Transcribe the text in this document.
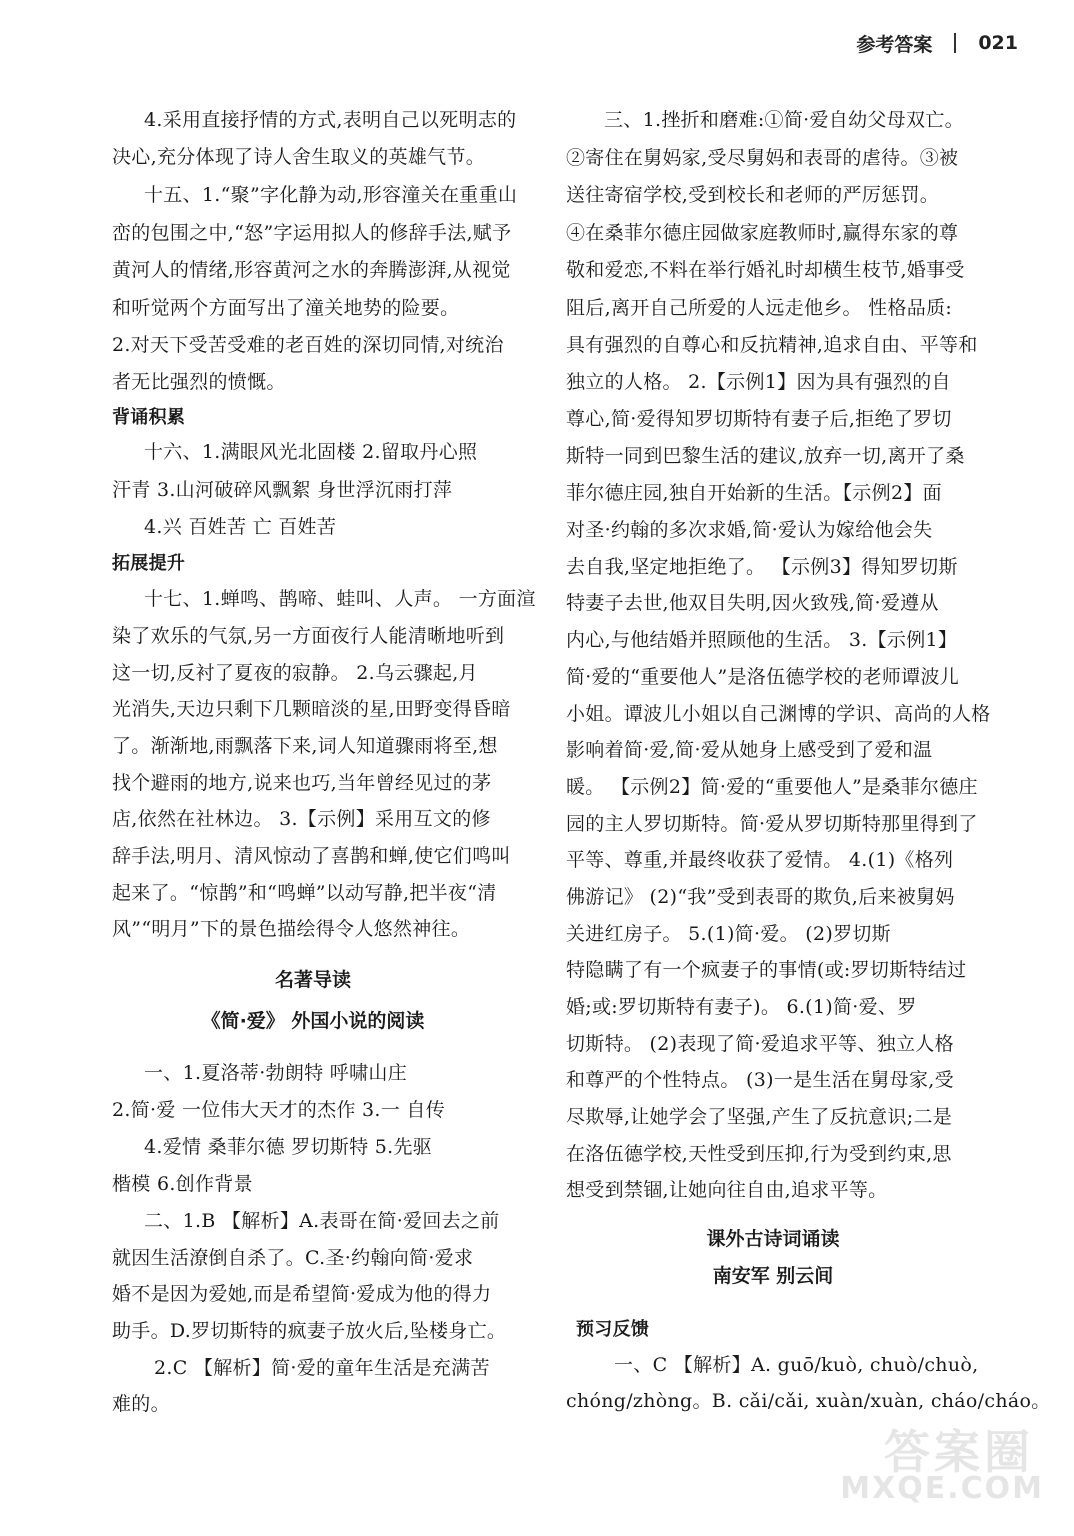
参考答案 021
4.采用直接抒情的方式,表明自己以死明志的
决心,充分体现了诗人舍生取义的英雄气节。
十五、1.“聚”字化静为动,形容潼关在重重山
峦的包围之中,“怒”字运用拟人的修辞手法,赋予
黄河人的情绪,形容黄河之水的奔腾澎湃,从视觉
和听觉两个方面写出了潼关地势的险要。
2.对天下受苦受难的老百姓的深切同情,对统治
者无比强烈的愤慨。
背诵积累
十六、1.满眼风光北固楼 2.留取丹心照
汗青 3.山河破碎风飘絮 身世浮沉雨打萍
4.兴 百姓苦 亡 百姓苦
拓展提升
十七、1.蝉鸣、鹊啼、蛙叫、人声。 一方面渲
染了欢乐的气氛,另一方面夜行人能清晰地听到
这一切,反衬了夏夜的寂静。 2.乌云骤起,月
光消失,天边只剩下几颗暗淡的星,田野变得昏暗
了。渐渐地,雨飘落下来,词人知道骤雨将至,想
找个避雨的地方,说来也巧,当年曾经见过的茅
店,依然在社林边。 3.【示例】采用互文的修
辞手法,明月、清风惊动了喜鹊和蝉,使它们鸣叫
起来了。“惊鹊”和“鸣蝉”以动写静,把半夜“清
风”“明月”下的景色描绘得令人悠然神往。
名著导读
《简·爱》 外国小说的阅读
一、1.夏洛蒂·勃朗特 呼啸山庄
2.简·爱 一位伟大天才的杰作 3.一 自传
4.爱情 桑菲尔德 罗切斯特 5.先驱
楷模 6.创作背景
二、1.B 【解析】A.表哥在简·爱回去之前
就因生活潦倒自杀了。C.圣·约翰向简·爱求
婚不是因为爱她,而是希望简·爱成为他的得力
助手。D.罗切斯特的疯妻子放火后,坠楼身亡。
2.C 【解析】简·爱的童年生活是充满苦
难的。
三、1.挫折和磨难:①简·爱自幼父母双亡。
②寄住在舅妈家,受尽舅妈和表哥的虐待。③被
送往寄宿学校,受到校长和老师的严厉惩罚。
④在桑菲尔德庄园做家庭教师时,赢得东家的尊
敬和爱恋,不料在举行婚礼时却横生枝节,婚事受
阻后,离开自己所爱的人远走他乡。 性格品质:
具有强烈的自尊心和反抗精神,追求自由、平等和
独立的人格。 2.【示例1】因为具有强烈的自
尊心,简·爱得知罗切斯特有妻子后,拒绝了罗切
斯特一同到巴黎生活的建议,放弃一切,离开了桑
菲尔德庄园,独自开始新的生活。【示例2】面
对圣·约翰的多次求婚,简·爱认为嫁给他会失
去自我,坚定地拒绝了。 【示例3】得知罗切斯
特妻子去世,他双目失明,因火致残,简·爱遵从
内心,与他结婚并照顾他的生活。 3.【示例1】
简·爱的“重要他人”是洛伍德学校的老师谭波儿
小姐。谭波儿小姐以自己渊博的学识、高尚的人格
影响着简·爱,简·爱从她身上感受到了爱和温
暖。 【示例2】简·爱的“重要他人”是桑菲尔德庄
园的主人罗切斯特。简·爱从罗切斯特那里得到了
平等、尊重,并最终收获了爱情。 4.(1)《格列
佛游记》 (2)“我”受到表哥的欺负,后来被舅妈
关进红房子。 5.(1)简·爱。 (2)罗切斯
特隐瞒了有一个疯妻子的事情(或:罗切斯特结过
婚;或:罗切斯特有妻子)。 6.(1)简·爱、罗
切斯特。 (2)表现了简·爱追求平等、独立人格
和尊严的个性特点。 (3)一是生活在舅母家,受
尽欺辱,让她学会了坚强,产生了反抗意识;二是
在洛伍德学校,天性受到压抑,行为受到约束,思
想受到禁锢,让她向往自由,追求平等。
课外古诗词诵读
南安军 别云间
预习反馈
一、C 【解析】A. guō/kuò, chuò/chuò,
chóng/zhòng。B. cǎi/cǎi, xuàn/xuàn, cháo/cháo。
答案圈
MXQE.COM
